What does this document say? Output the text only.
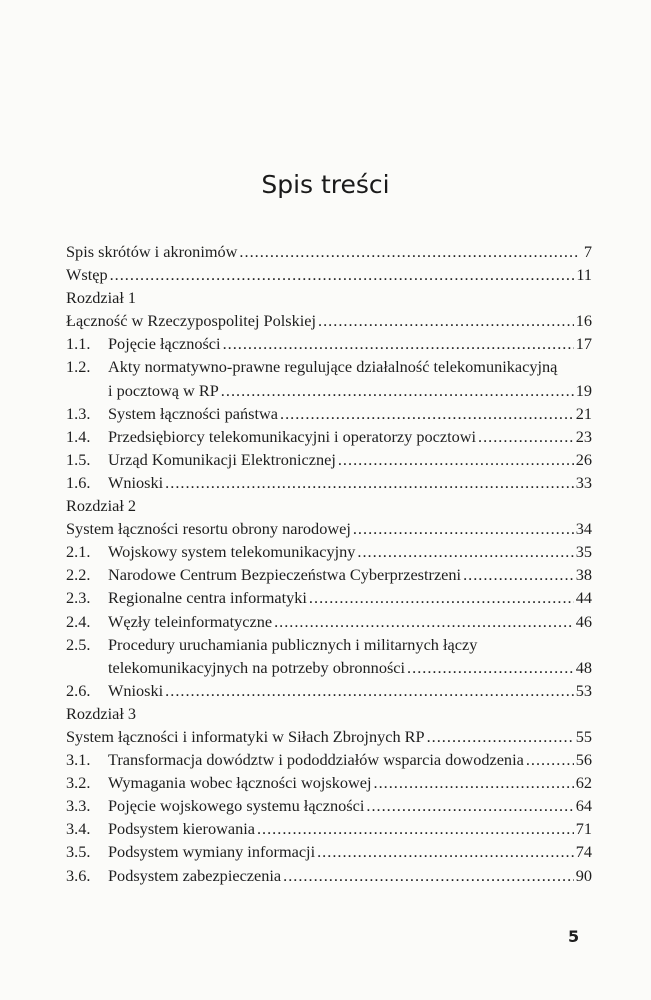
Spis treści
Spis skrótów i akronimów .....	7
Wstęp .....	11
Rozdział 1
Łączność w Rzeczypospolitej Polskiej .....	16
1.1.	Pojęcie łączności .....	17
1.2.	Akty normatywno-prawne regulujące działalność telekomunikacyjną
i pocztową w RP .....	19
1.3.	System łączności państwa .....	21
1.4.	Przedsiębiorcy telekomunikacyjni i operatorzy pocztowi .....	23
1.5.	Urząd Komunikacji Elektronicznej .....	26
1.6.	Wnioski .....	33
Rozdział 2
System łączności resortu obrony narodowej .....	34
2.1.	Wojskowy system telekomunikacyjny .....	35
2.2.	Narodowe Centrum Bezpieczeństwa Cyberprzestrzeni .....	38
2.3.	Regionalne centra informatyki .....	44
2.4.	Węzły teleinformatyczne .....	46
2.5.	Procedury uruchamiania publicznych i militarnych łączy
telekomunikacyjnych na potrzeby obronności .....	48
2.6.	Wnioski .....	53
Rozdział 3
System łączności i informatyki w Siłach Zbrojnych RP .....	55
3.1.	Transformacja dowództw i pododdziałów wsparcia dowodzenia .....	56
3.2.	Wymagania wobec łączności wojskowej .....	62
3.3.	Pojęcie wojskowego systemu łączności .....	64
3.4.	Podsystem kierowania .....	71
3.5.	Podsystem wymiany informacji .....	74
3.6.	Podsystem zabezpieczenia .....	90
5
